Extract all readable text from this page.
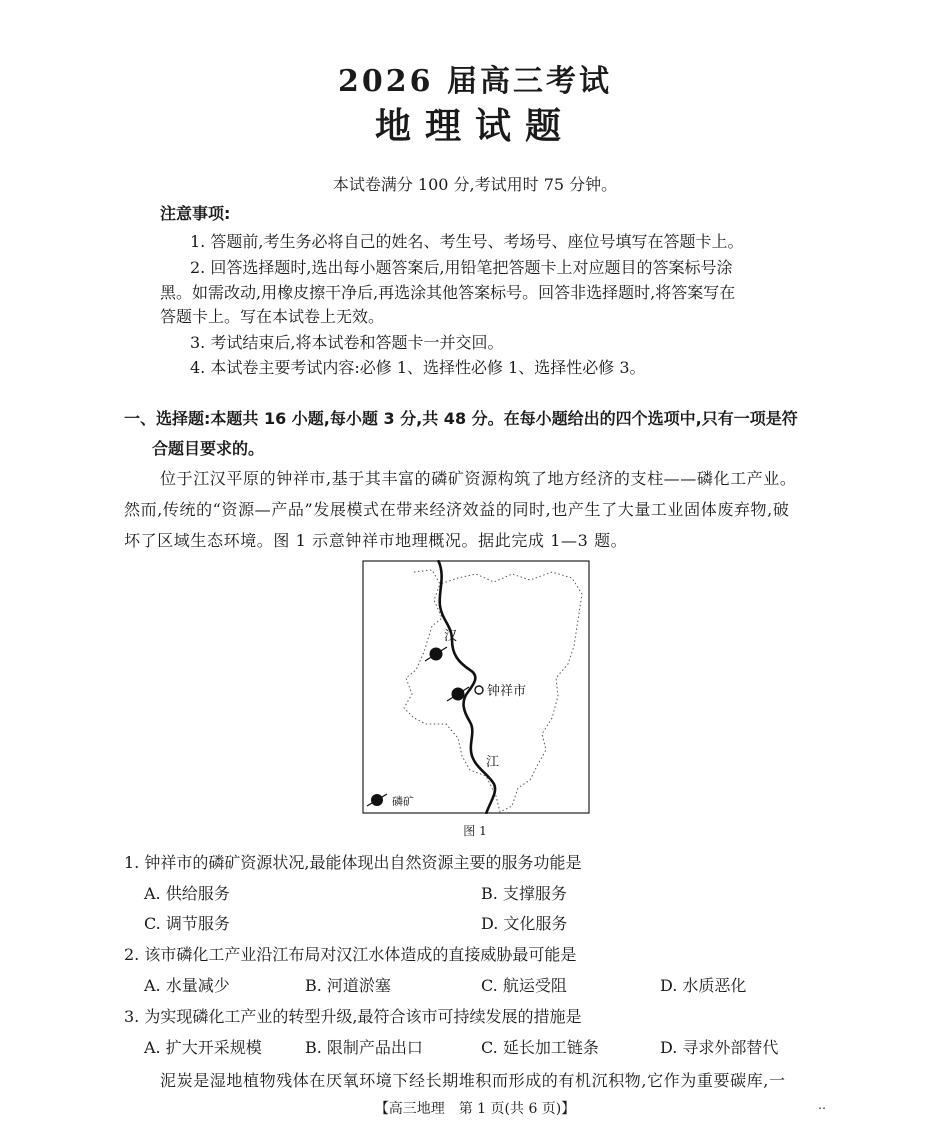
2026 届高三考试
地理试题
本试卷满分 100 分,考试用时 75 分钟。
注意事项:
1. 答题前,考生务必将自己的姓名、考生号、考场号、座位号填写在答题卡上。
2. 回答选择题时,选出每小题答案后,用铅笔把答题卡上对应题目的答案标号涂
黑。如需改动,用橡皮擦干净后,再选涂其他答案标号。回答非选择题时,将答案写在
答题卡上。写在本试卷上无效。
3. 考试结束后,将本试卷和答题卡一并交回。
4. 本试卷主要考试内容:必修 1、选择性必修 1、选择性必修 3。
一、选择题:本题共 16 小题,每小题 3 分,共 48 分。在每小题给出的四个选项中,只有一项是符
合题目要求的。
位于江汉平原的钟祥市,基于其丰富的磷矿资源构筑了地方经济的支柱——磷化工产业。
然而,传统的“资源—产品”发展模式在带来经济效益的同时,也产生了大量工业固体废弃物,破
坏了区域生态环境。图 1 示意钟祥市地理概况。据此完成 1—3 题。
钟祥市
汉
江
磷矿
图 1
1. 钟祥市的磷矿资源状况,最能体现出自然资源主要的服务功能是
A. 供给服务	B. 支撑服务
C. 调节服务	D. 文化服务
2. 该市磷化工产业沿江布局对汉江水体造成的直接威胁最可能是
A. 水量减少	B. 河道淤塞	C. 航运受阻	D. 水质恶化
3. 为实现磷化工产业的转型升级,最符合该市可持续发展的措施是
A. 扩大开采规模	B. 限制产品出口	C. 延长加工链条	D. 寻求外部替代
泥炭是湿地植物残体在厌氧环境下经长期堆积而形成的有机沉积物,它作为重要碳库,一
【高三地理　第 1 页(共 6 页)】	‥
